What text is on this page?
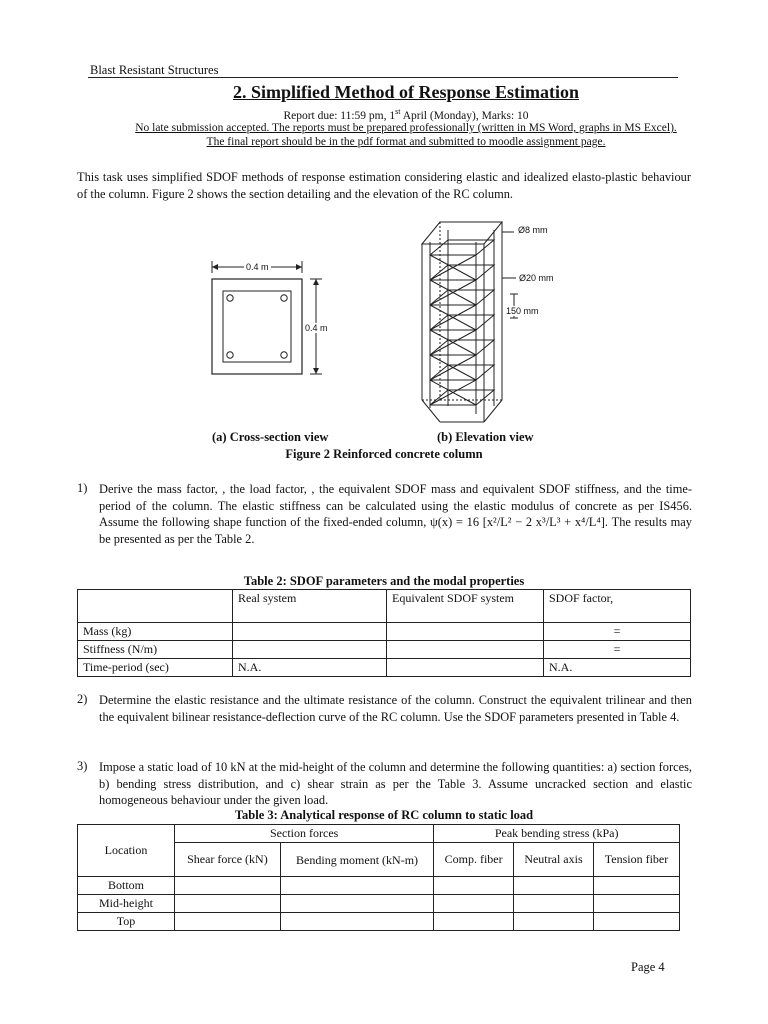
Blast Resistant Structures
2. Simplified Method of Response Estimation
Report due: 11:59 pm, 1st April (Monday), Marks: 10
No late submission accepted. The reports must be prepared professionally (written in MS Word, graphs in MS Excel).
The final report should be in the pdf format and submitted to moodle assignment page.
This task uses simplified SDOF methods of response estimation considering elastic and idealized elasto-plastic behaviour of the column. Figure 2 shows the section detailing and the elevation of the RC column.
0.4 m
0.4 m
Ø8 mm
Ø20 mm
150 mm
(a) Cross-section view	(b) Elevation view
Figure 2 Reinforced concrete column
1) Derive the mass factor, , the load factor, , the equivalent SDOF mass and equivalent SDOF stiffness, and the time-period of the column. The elastic stiffness can be calculated using the elastic modulus of concrete as per IS456. Assume the following shape function of the fixed-ended column, ψ(x) = 16 [x²/L² − 2 x³/L³ + x⁴/L⁴]. The results may be presented as per the Table 2.
Table 2: SDOF parameters and the modal properties
	Real system	Equivalent SDOF system	SDOF factor,
Mass (kg)			=
Stiffness (N/m)			=
Time-period (sec)	N.A.		N.A.
2) Determine the elastic resistance and the ultimate resistance of the column. Construct the equivalent trilinear and then the equivalent bilinear resistance-deflection curve of the RC column. Use the SDOF parameters presented in Table 4.
3) Impose a static load of 10 kN at the mid-height of the column and determine the following quantities: a) section forces, b) bending stress distribution, and c) shear strain as per the Table 3. Assume uncracked section and elastic homogeneous behaviour under the given load.
Table 3: Analytical response of RC column to static load
Location	Section forces		Peak bending stress (kPa)		
	Shear force (kN)	Bending moment (kN-m)	Comp. fiber	Neutral axis	Tension fiber
Bottom					
Mid-height					
Top					
Page 4
